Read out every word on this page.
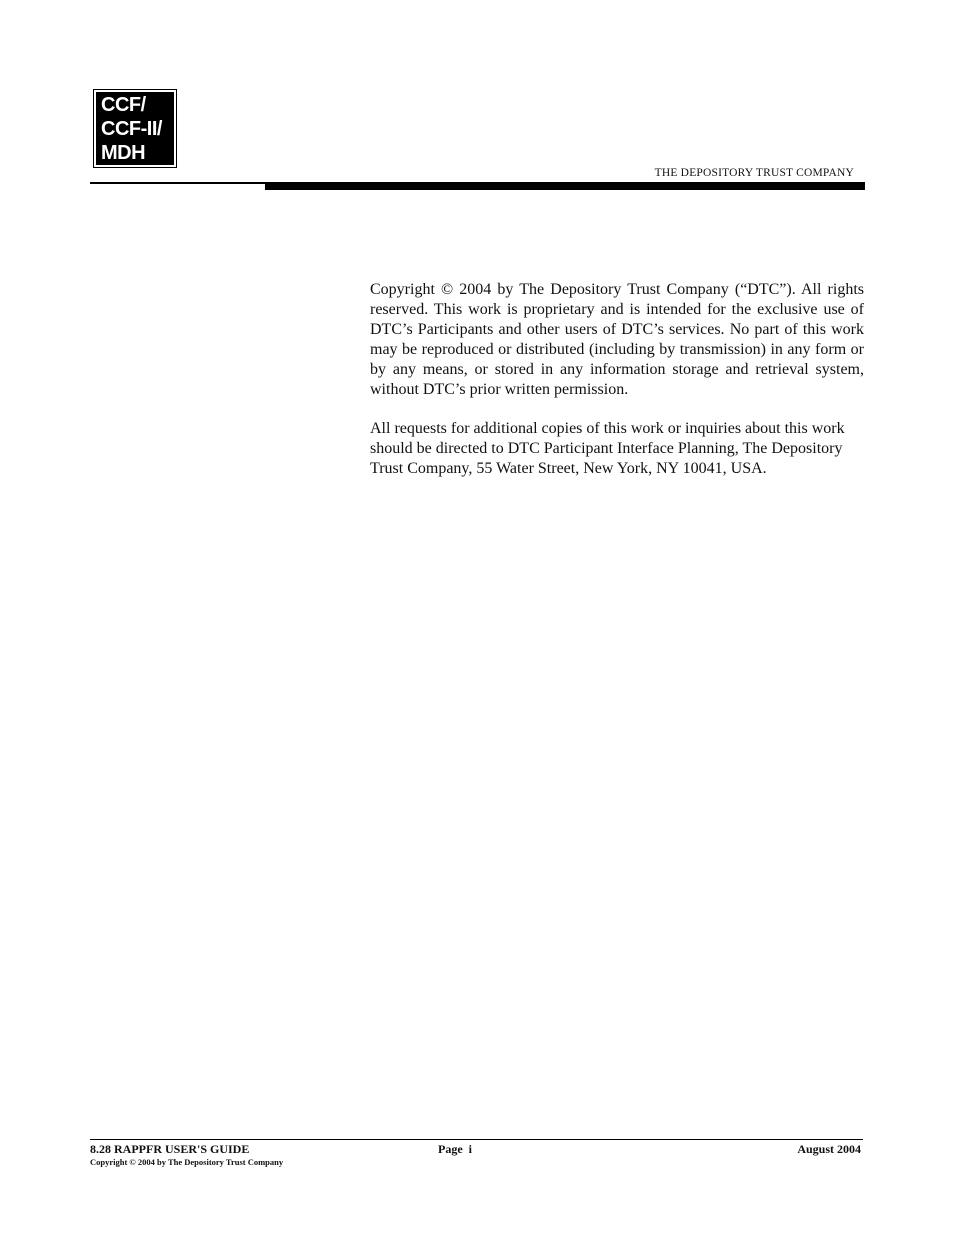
CCF/
CCF-II/
MDH
THE DEPOSITORY TRUST COMPANY

Copyright © 2004 by The Depository Trust Company (“DTC”). All rights reserved. This work is proprietary and is intended for the exclusive use of DTC’s Participants and other users of DTC’s services. No part of this work may be reproduced or distributed (including by transmission) in any form or by any means, or stored in any information storage and retrieval system, without DTC’s prior written permission.

All requests for additional copies of this work or inquiries about this work should be directed to DTC Participant Interface Planning, The Depository Trust Company, 55 Water Street, New York, NY 10041, USA.

8.28 RAPPFR USER'S GUIDE
Copyright © 2004 by The Depository Trust Company
Page  i	August 2004
